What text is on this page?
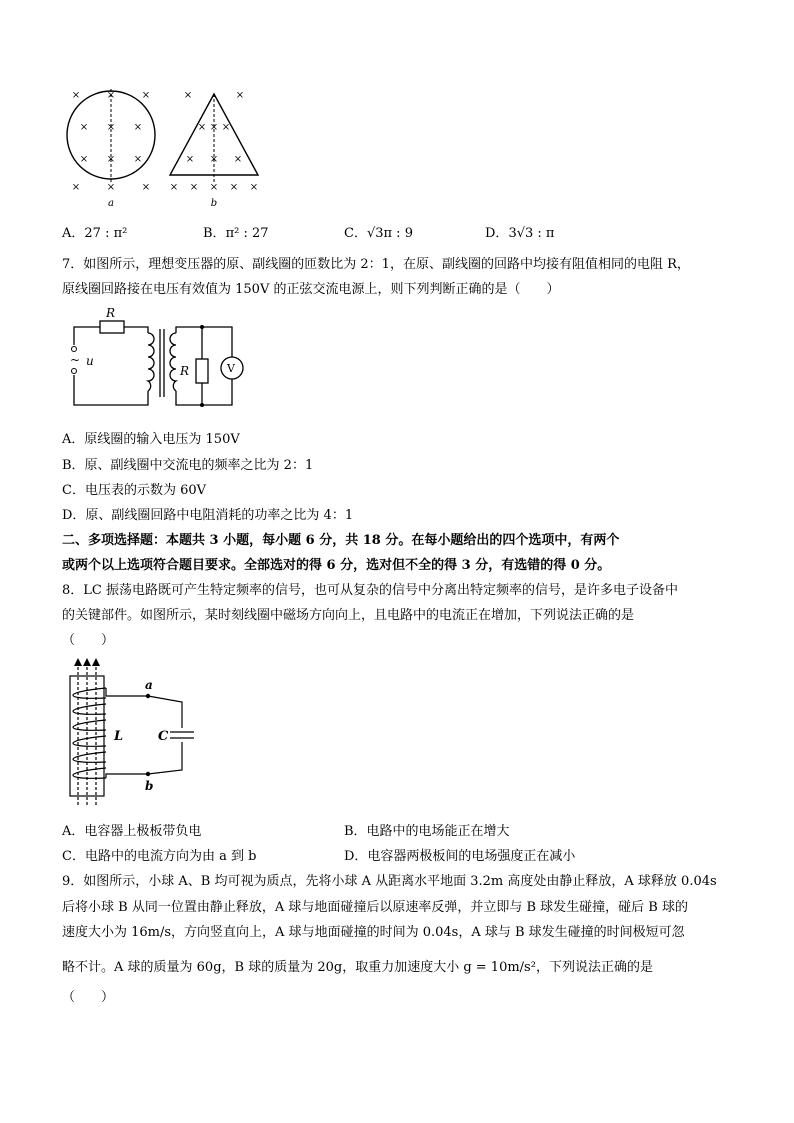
×	×	×
× × ×
× × ×
×	×	×
a
×	×
× × ×
× × ×
× × × × ×
b
A．27 : π²	B．π² : 27	C．√3π : 9	D．3√3 : π
7．如图所示，理想变压器的原、副线圈的匝数比为 2：1，在原、副线圈的回路中均接有阻值相同的电阻 R，
原线圈回路接在电压有效值为 150V 的正弦交流电源上，则下列判断正确的是（　　）
R
R
~ u
V
A．原线圈的输入电压为 150V
B．原、副线圈中交流电的频率之比为 2：1
C．电压表的示数为 60V
D．原、副线圈回路中电阻消耗的功率之比为 4：1
二、多项选择题：本题共 3 小题，每小题 6 分，共 18 分。在每小题给出的四个选项中，有两个
或两个以上选项符合题目要求。全部选对的得 6 分，选对但不全的得 3 分，有选错的得 0 分。
8．LC 振荡电路既可产生特定频率的信号，也可从复杂的信号中分离出特定频率的信号，是许多电子设备中
的关键部件。如图所示，某时刻线圈中磁场方向向上，且电路中的电流正在增加，下列说法正确的是
（　　）
a
b
L	C
A．电容器上极板带负电	B．电路中的电场能正在增大
C．电路中的电流方向为由 a 到 b	D．电容器两极板间的电场强度正在减小
9．如图所示，小球 A、B 均可视为质点，先将小球 A 从距离水平地面 3.2m 高度处由静止释放，A 球释放 0.04s
后将小球 B 从同一位置由静止释放，A 球与地面碰撞后以原速率反弹，并立即与 B 球发生碰撞，碰后 B 球的
速度大小为 16m/s，方向竖直向上，A 球与地面碰撞的时间为 0.04s，A 球与 B 球发生碰撞的时间极短可忽
略不计。A 球的质量为 60g，B 球的质量为 20g，取重力加速度大小 g = 10m/s²，下列说法正确的是
（　　）
